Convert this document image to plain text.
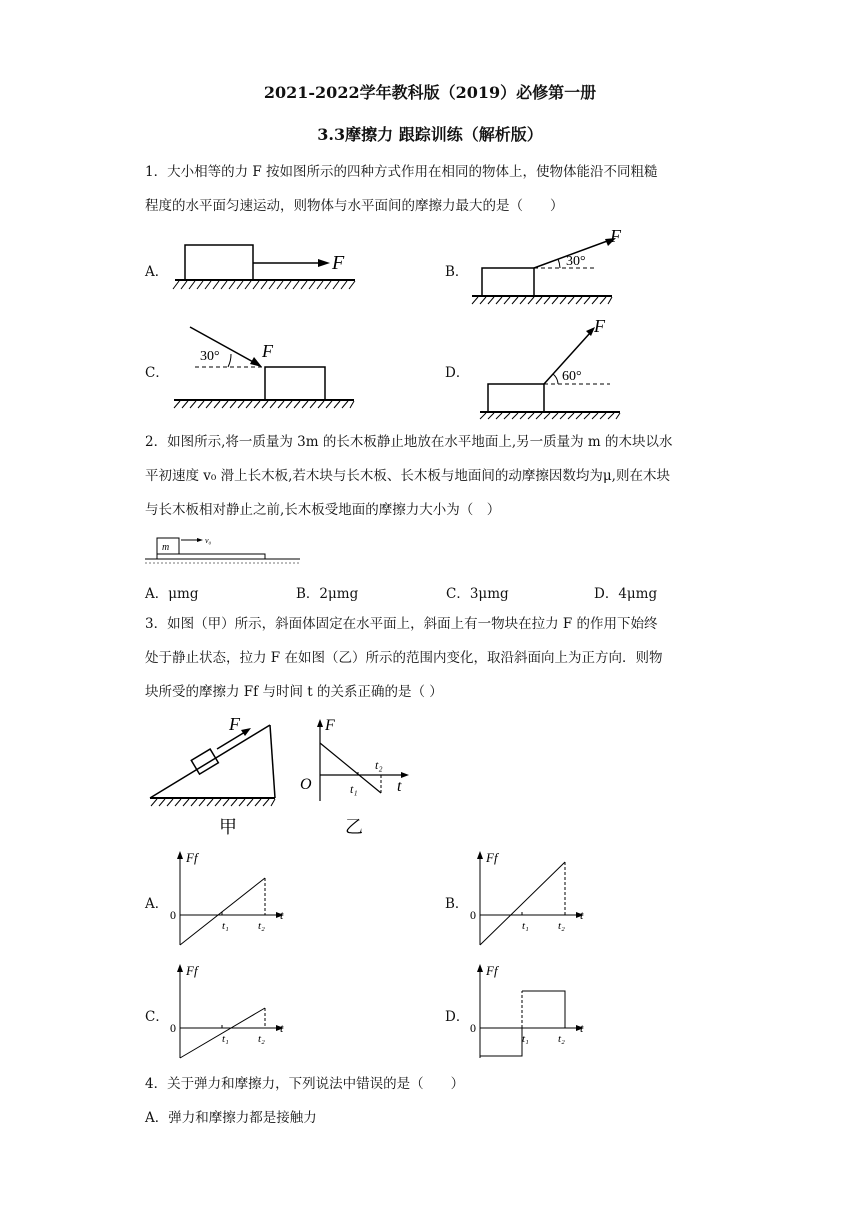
2021-2022学年教科版（2019）必修第一册
3.3摩擦力 跟踪训练（解析版）
1．大小相等的力 F 按如图所示的四种方式作用在相同的物体上，使物体能沿不同粗糙
程度的水平面匀速运动，则物体与水平面间的摩擦力最大的是（　　）
A．	F	B．
F
30°
C．
F
30°
D．
F
60°
2．如图所示,将一质量为 3m 的长木板静止地放在水平地面上,另一质量为 m 的木块以水
平初速度 v₀ 滑上长木板,若木块与长木板、长木板与地面间的动摩擦因数均为μ,则在木块
与长木板相对静止之前,长木板受地面的摩擦力大小为（　）
m
v₀
A．μmg	B．2μmg	C．3μmg	D．4μmg
3．如图（甲）所示，斜面体固定在水平面上，斜面上有一物块在拉力 F 的作用下始终
处于静止状态，拉力 F 在如图（乙）所示的范围内变化，取沿斜面向上为正方向．则物
块所受的摩擦力 Ff 与时间 t 的关系正确的是（ ）
F
甲
F
t
O	t₁
t₂
乙
A．
Ff
t
0
t₁	t₂
B．
Ff
t
0
t₁	t₂
C．
Ff
t
0
t₁	t₂
D．
Ff
t
0
t₁	t₂
4．关于弹力和摩擦力，下列说法中错误的是（　　）
A．弹力和摩擦力都是接触力
